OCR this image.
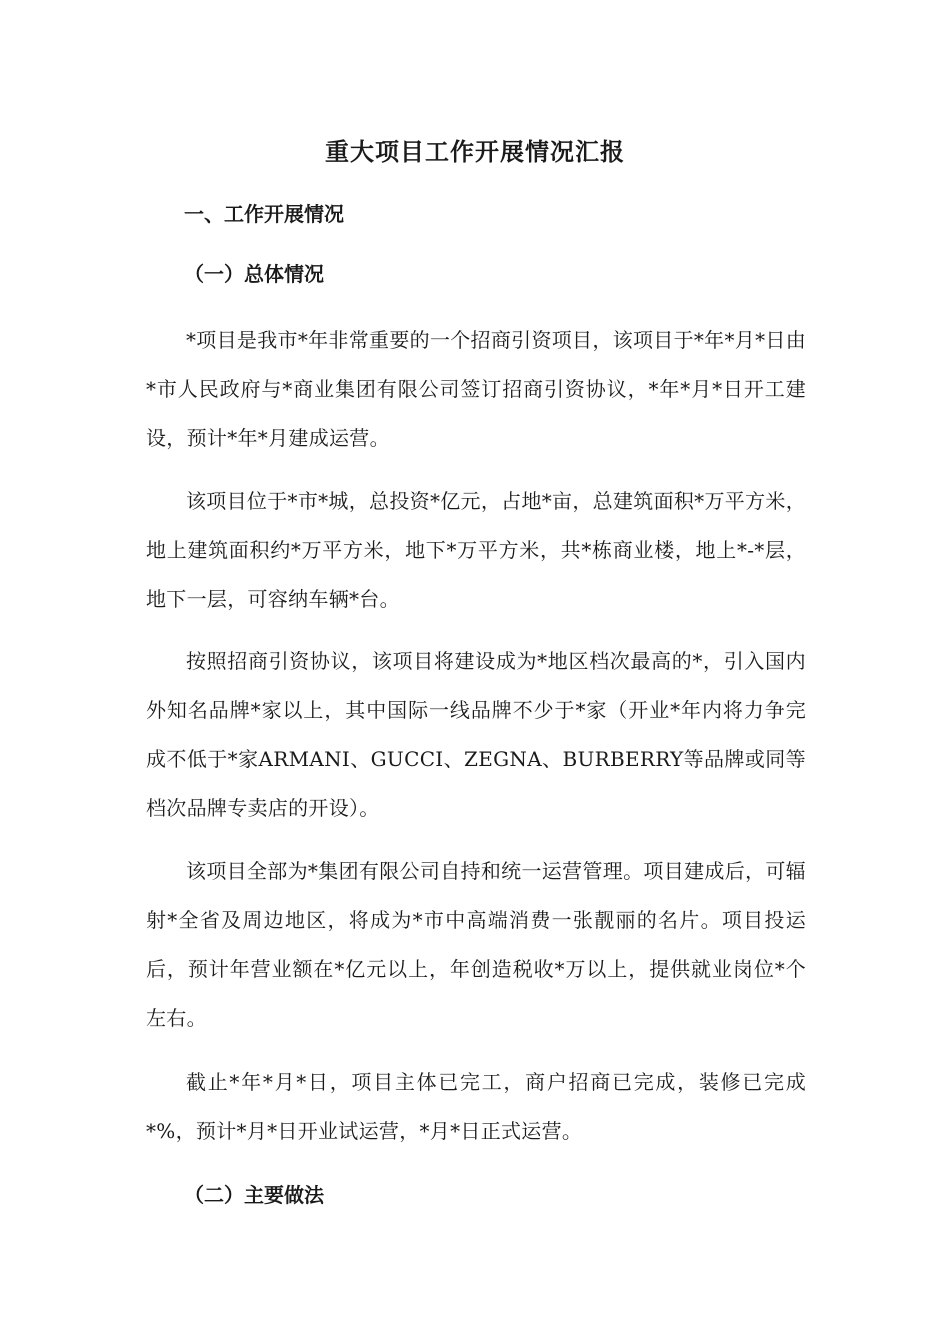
重大项目工作开展情况汇报
一、工作开展情况
（一）总体情况

*项目是我市*年非常重要的一个招商引资项目，该项目于*年*月*日由*市人民政府与*商业集团有限公司签订招商引资协议，*年*月*日开工建设，预计*年*月建成运营。

该项目位于*市*城，总投资*亿元，占地*亩，总建筑面积*万平方米，地上建筑面积约*万平方米，地下*万平方米，共*栋商业楼，地上*-*层，地下一层，可容纳车辆*台。

按照招商引资协议，该项目将建设成为*地区档次最高的*，引入国内外知名品牌*家以上，其中国际一线品牌不少于*家（开业*年内将力争完成不低于*家ARMANI、GUCCI、ZEGNA、BURBERRY等品牌或同等档次品牌专卖店的开设）。

该项目全部为*集团有限公司自持和统一运营管理。项目建成后，可辐射*全省及周边地区，将成为*市中高端消费一张靓丽的名片。项目投运后，预计年营业额在*亿元以上，年创造税收*万以上，提供就业岗位*个左右。

截止*年*月*日，项目主体已完工，商户招商已完成，装修已完成*%，预计*月*日开业试运营，*月*日正式运营。

（二）主要做法
